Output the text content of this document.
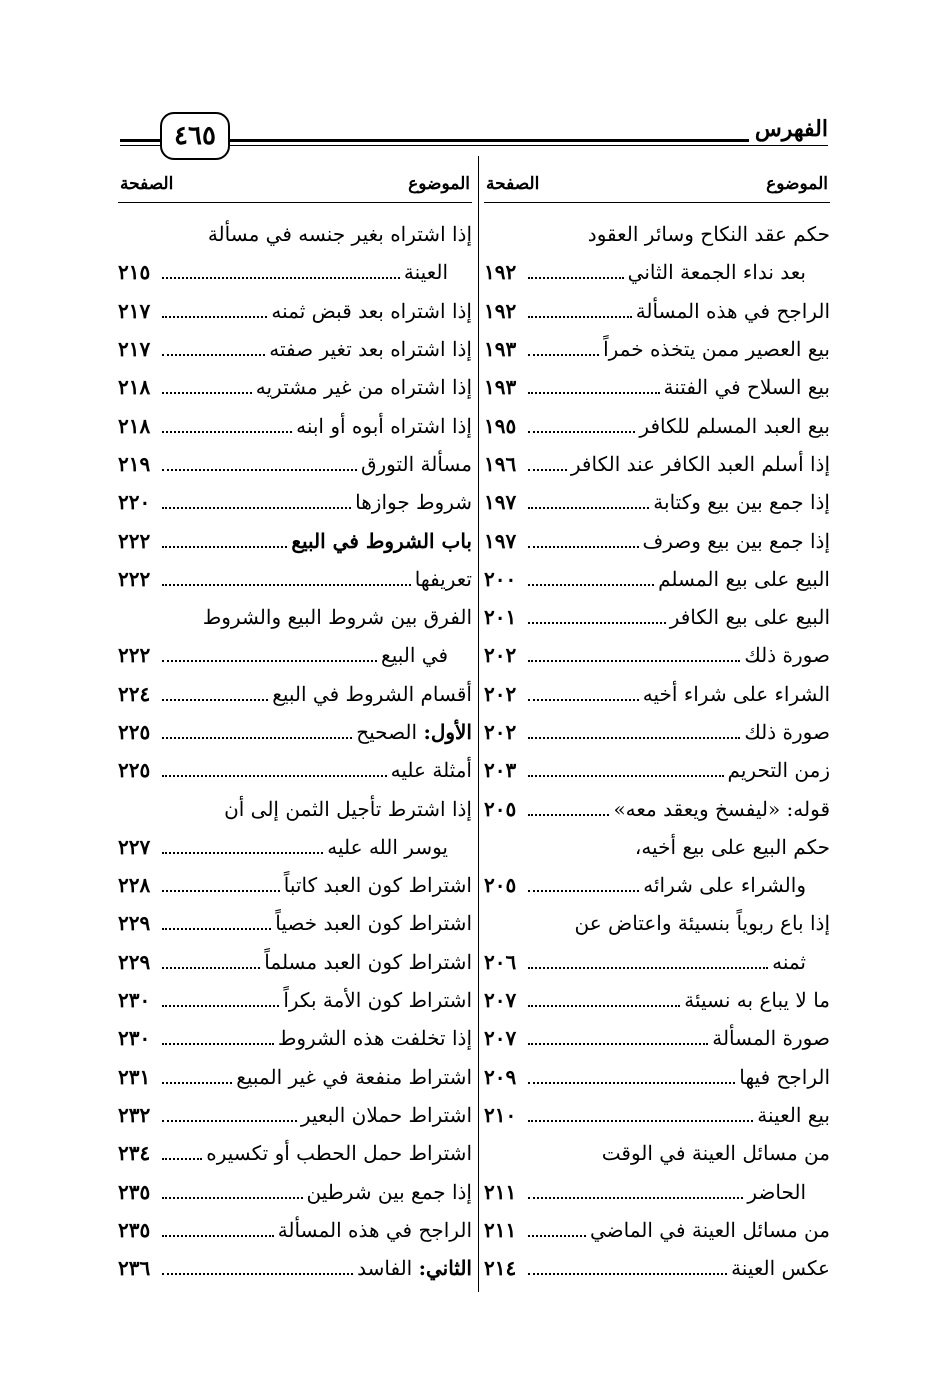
٤٦٥	الفهرس
الموضوع
الصفحة
حكم عقد النكاح وسائر العقود
بعد نداء الجمعة الثاني
١٩٢
الراجح في هذه المسألة
١٩٢
بيع العصير ممن يتخذه خمراً
١٩٣
بيع السلاح في الفتنة
١٩٣
بيع العبد المسلم للكافر
١٩٥
إذا أسلم العبد الكافر عند الكافر
١٩٦
إذا جمع بين بيع وكتابة
١٩٧
إذا جمع بين بيع وصرف
١٩٧
البيع على بيع المسلم
٢٠٠
البيع على بيع الكافر
٢٠١
صورة ذلك
٢٠٢
الشراء على شراء أخيه
٢٠٢
صورة ذلك
٢٠٢
زمن التحريم
٢٠٣
قوله: «ليفسخ ويعقد معه»
٢٠٥
حكم البيع على بيع أخيه،
والشراء على شرائه
٢٠٥
إذا باع ربوياً بنسيئة واعتاض عن
ثمنه
٢٠٦
ما لا يباع به نسيئة
٢٠٧
صورة المسألة
٢٠٧
الراجح فيها
٢٠٩
بيع العينة
٢١٠
من مسائل العينة في الوقت
الحاضر
٢١١
من مسائل العينة في الماضي
٢١١
عكس العينة
٢١٤
الموضوع
الصفحة
إذا اشتراه بغير جنسه في مسألة
العينة
٢١٥
إذا اشتراه بعد قبض ثمنه
٢١٧
إذا اشتراه بعد تغير صفته
٢١٧
إذا اشتراه من غير مشتريه
٢١٨
إذا اشتراه أبوه أو ابنه
٢١٨
مسألة التورق
٢١٩
شروط جوازها
٢٢٠
باب الشروط في البيع
٢٢٢
تعريفها
٢٢٢
الفرق بين شروط البيع والشروط
في البيع
٢٢٢
أقسام الشروط في البيع
٢٢٤
الأول: الصحيح
٢٢٥
أمثلة عليه
٢٢٥
إذا اشترط تأجيل الثمن إلى أن
يوسر الله عليه
٢٢٧
اشتراط كون العبد كاتباً
٢٢٨
اشتراط كون العبد خصياً
٢٢٩
اشتراط كون العبد مسلماً
٢٢٩
اشتراط كون الأمة بكراً
٢٣٠
إذا تخلفت هذه الشروط
٢٣٠
اشتراط منفعة في غير المبيع
٢٣١
اشتراط حملان البعير
٢٣٢
اشتراط حمل الحطب أو تكسيره
٢٣٤
إذا جمع بين شرطين
٢٣٥
الراجح في هذه المسألة
٢٣٥
الثاني: الفاسد
٢٣٦
